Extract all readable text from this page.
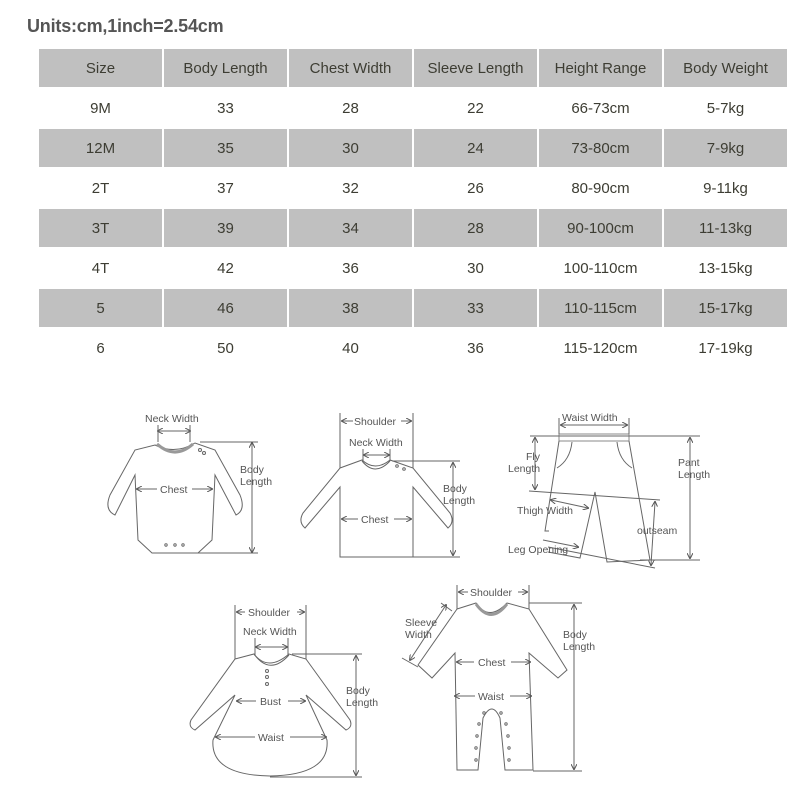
Units:cm,1inch=2.54cm
Size	Body Length	Chest Width	Sleeve Length	Height Range	Body Weight
9M	33	28	22	66-73cm	5-7kg
12M	35	30	24	73-80cm	7-9kg
2T	37	32	26	80-90cm	9-11kg
3T	39	34	28	90-100cm	11-13kg
4T	42	36	30	100-110cm	13-15kg
5	46	38	33	110-115cm	15-17kg
6	50	40	36	115-120cm	17-19kg
Neck Width
Chest
Body
Length
Shoulder
Neck Width
Chest
Body
Length
Waist Width
Fly
Length	Pant
Length
Thigh Width
outseam
Leg Opening
Shoulder
Neck Width
Bust
Waist
Body
Length
Shoulder
Sleeve
Width
Chest
Waist
Body
Length
